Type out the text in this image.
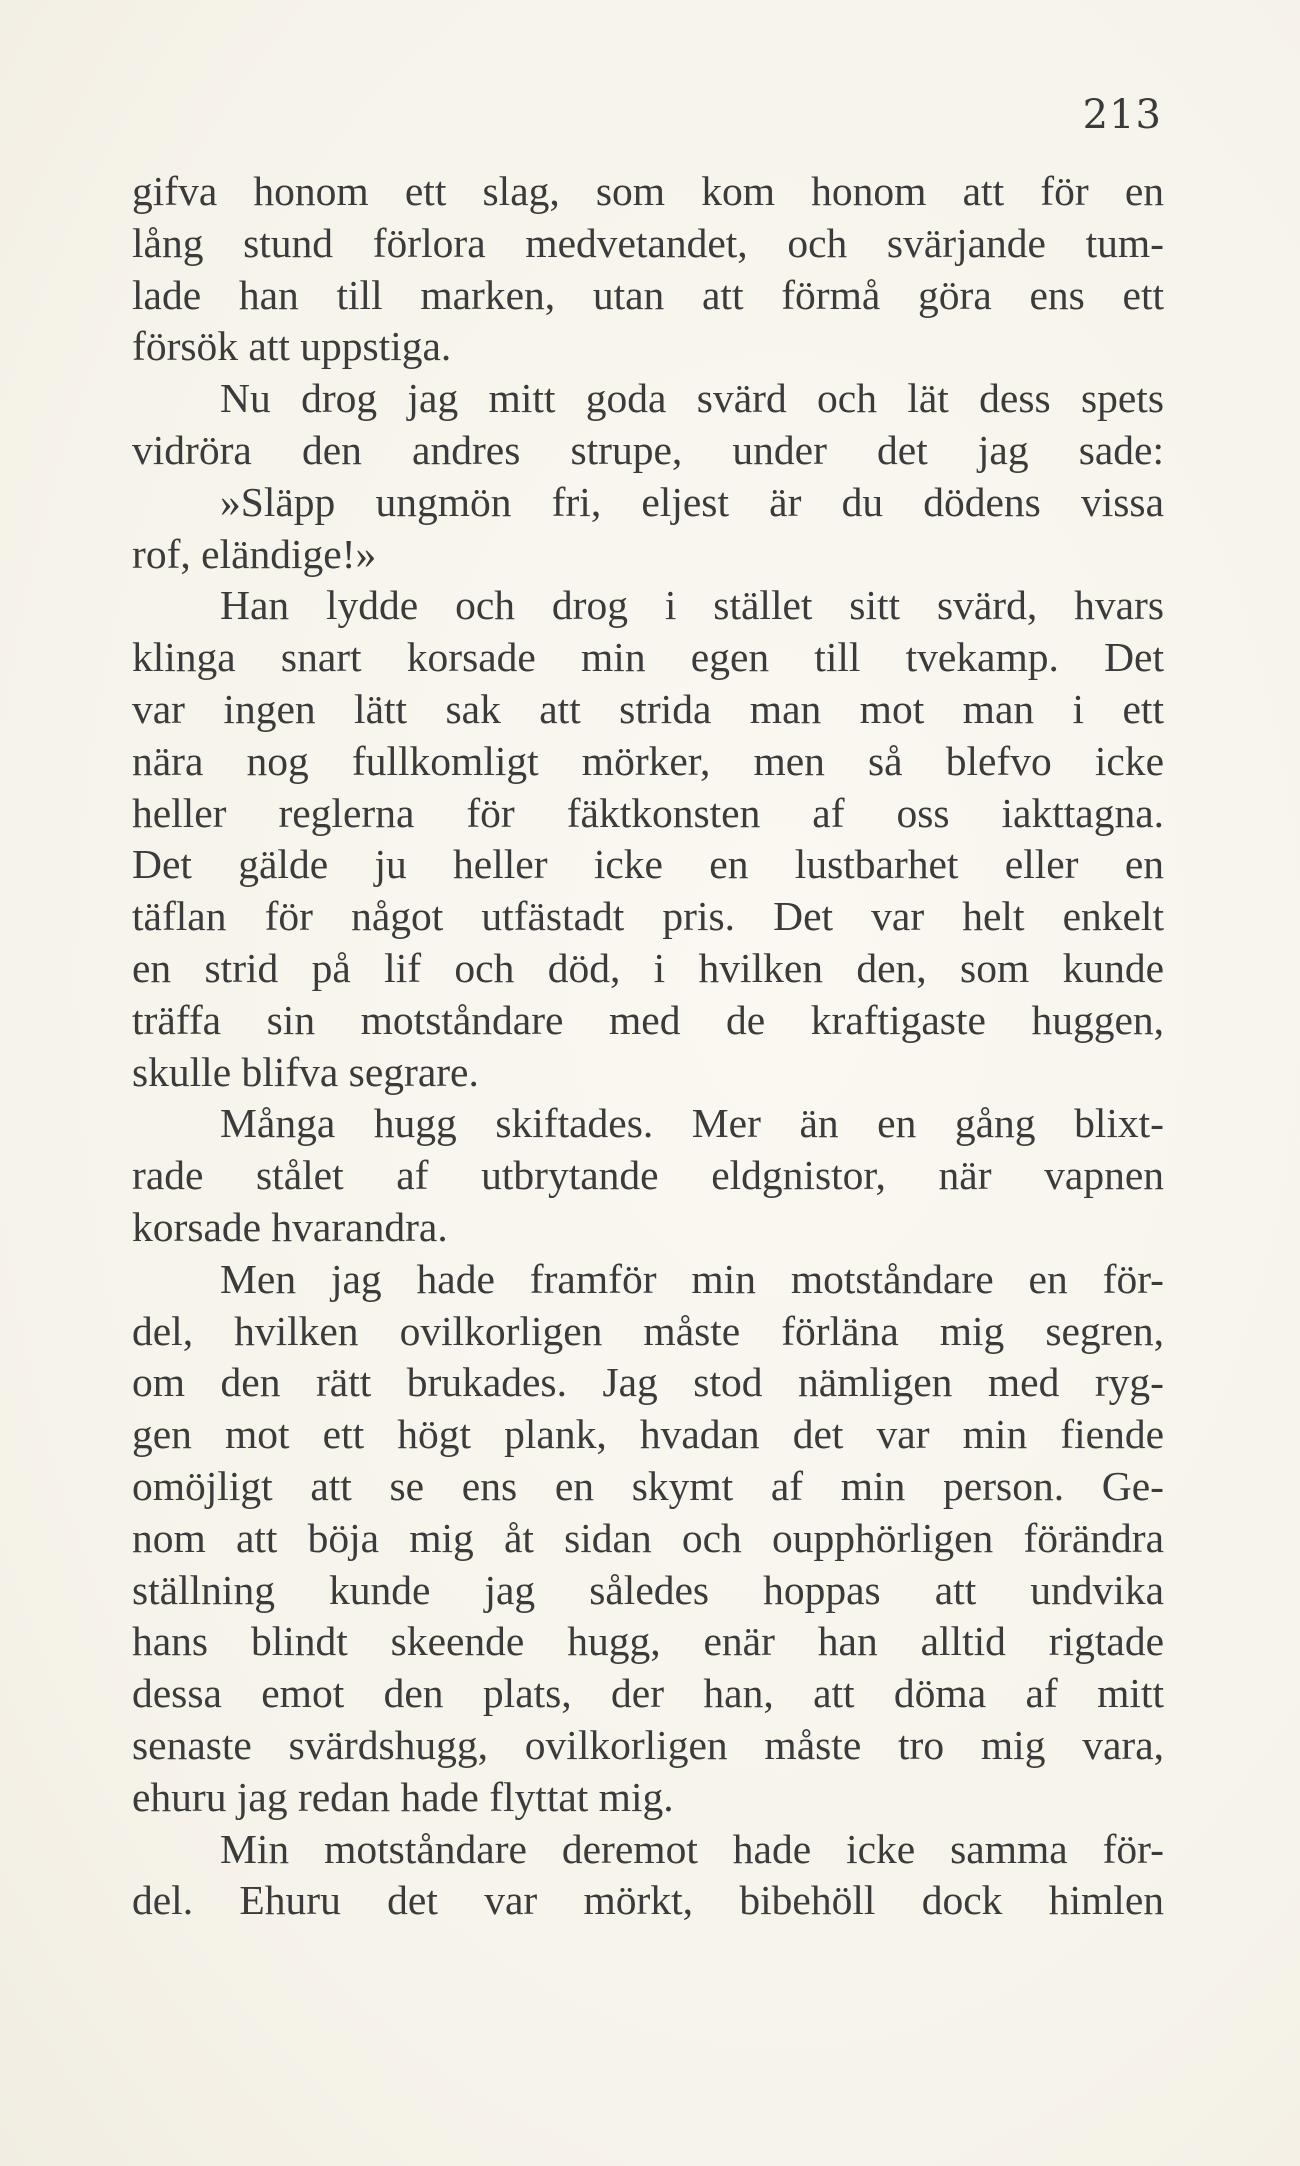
213
gifva honom ett slag, som kom honom att för en
lång stund förlora medvetandet, och svärjande tum-
lade han till marken, utan att förmå göra ens ett
försök att uppstiga.
Nu drog jag mitt goda svärd och lät dess spets
vidröra den andres strupe, under det jag sade:
»Släpp ungmön fri, eljest är du dödens vissa
rof, eländige!»
Han lydde och drog i stället sitt svärd, hvars
klinga snart korsade min egen till tvekamp. Det
var ingen lätt sak att strida man mot man i ett
nära nog fullkomligt mörker, men så blefvo icke
heller reglerna för fäktkonsten af oss iakttagna.
Det gälde ju heller icke en lustbarhet eller en
täflan för något utfästadt pris. Det var helt enkelt
en strid på lif och död, i hvilken den, som kunde
träffa sin motståndare med de kraftigaste huggen,
skulle blifva segrare.
Många hugg skiftades. Mer än en gång blixt-
rade stålet af utbrytande eldgnistor, när vapnen
korsade hvarandra.
Men jag hade framför min motståndare en för-
del, hvilken ovilkorligen måste förläna mig segren,
om den rätt brukades. Jag stod nämligen med ryg-
gen mot ett högt plank, hvadan det var min fiende
omöjligt att se ens en skymt af min person. Ge-
nom att böja mig åt sidan och oupphörligen förändra
ställning kunde jag således hoppas att undvika
hans blindt skeende hugg, enär han alltid rigtade
dessa emot den plats, der han, att döma af mitt
senaste svärdshugg, ovilkorligen måste tro mig vara,
ehuru jag redan hade flyttat mig.
Min motståndare deremot hade icke samma för-
del. Ehuru det var mörkt, bibehöll dock himlen
